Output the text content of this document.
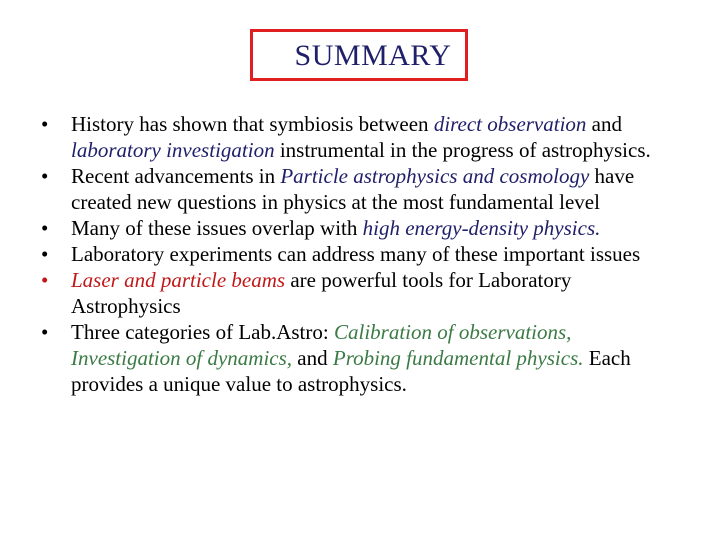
SUMMARY
•	History has shown that symbiosis between direct observation and laboratory investigation instrumental in the progress of astrophysics.
•	Recent advancements in Particle astrophysics and cosmology have created new questions in physics at the most fundamental level
•	Many of these issues overlap with high energy-density physics.
•	Laboratory experiments can address many of these important issues
•	Laser and particle beams are powerful tools for Laboratory Astrophysics
•	Three categories of Lab.Astro: Calibration of observations, Investigation of dynamics, and Probing fundamental physics. Each provides a unique value to astrophysics.
